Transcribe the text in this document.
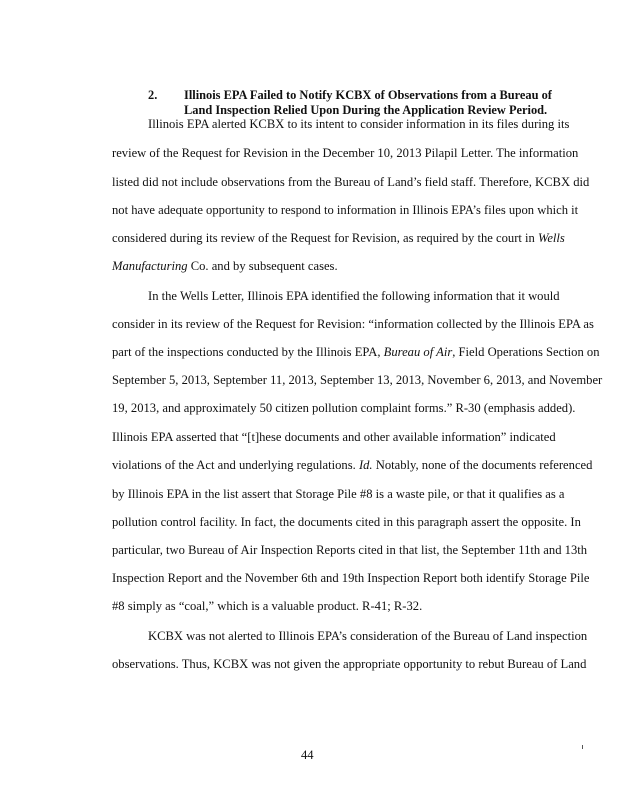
2. Illinois EPA Failed to Notify KCBX of Observations from a Bureau of
Land Inspection Relied Upon During the Application Review Period.
Illinois EPA alerted KCBX to its intent to consider information in its files during its
review of the Request for Revision in the December 10, 2013 Pilapil Letter. The information
listed did not include observations from the Bureau of Land’s field staff. Therefore, KCBX did
not have adequate opportunity to respond to information in Illinois EPA’s files upon which it
considered during its review of the Request for Revision, as required by the court in Wells
Manufacturing Co. and by subsequent cases.
In the Wells Letter, Illinois EPA identified the following information that it would
consider in its review of the Request for Revision: “information collected by the Illinois EPA as
part of the inspections conducted by the Illinois EPA, Bureau of Air, Field Operations Section on
September 5, 2013, September 11, 2013, September 13, 2013, November 6, 2013, and November
19, 2013, and approximately 50 citizen pollution complaint forms.” R-30 (emphasis added).
Illinois EPA asserted that “[t]hese documents and other available information” indicated
violations of the Act and underlying regulations. Id. Notably, none of the documents referenced
by Illinois EPA in the list assert that Storage Pile #8 is a waste pile, or that it qualifies as a
pollution control facility. In fact, the documents cited in this paragraph assert the opposite. In
particular, two Bureau of Air Inspection Reports cited in that list, the September 11th and 13th
Inspection Report and the November 6th and 19th Inspection Report both identify Storage Pile
#8 simply as “coal,” which is a valuable product. R-41; R-32.
KCBX was not alerted to Illinois EPA’s consideration of the Bureau of Land inspection
observations. Thus, KCBX was not given the appropriate opportunity to rebut Bureau of Land
44
